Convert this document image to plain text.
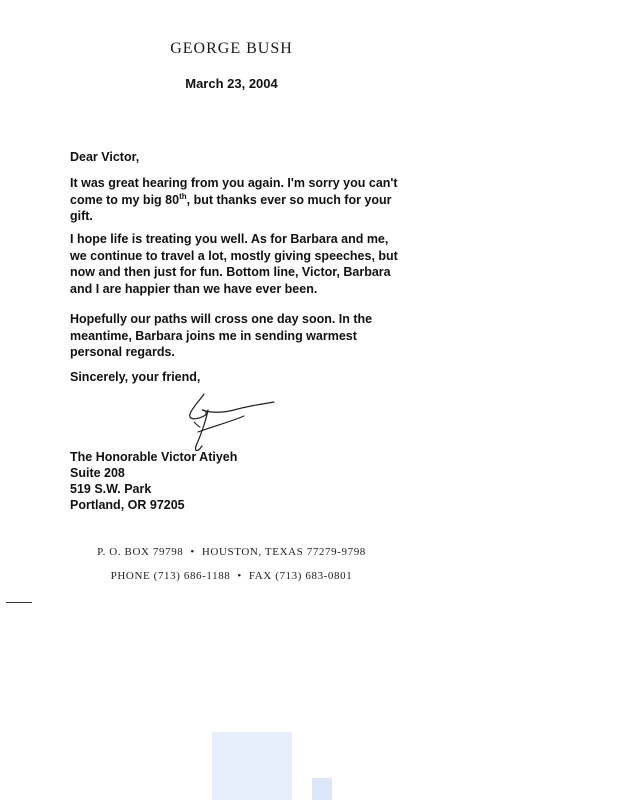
GEORGE BUSH
March 23, 2004

Dear Victor,

It was great hearing from you again. I'm sorry you can't come to my big 80th, but thanks ever so much for your gift.

I hope life is treating you well. As for Barbara and me, we continue to travel a lot, mostly giving speeches, but now and then just for fun. Bottom line, Victor, Barbara and I are happier than we have ever been.

Hopefully our paths will cross one day soon. In the meantime, Barbara joins me in sending warmest personal regards.

Sincerely, your friend,

The Honorable Victor Atiyeh
Suite 208
519 S.W. Park
Portland, OR 97205
P. O. BOX 79798 • HOUSTON, TEXAS 77279-9798
PHONE (713) 686-1188 • FAX (713) 683-0801
